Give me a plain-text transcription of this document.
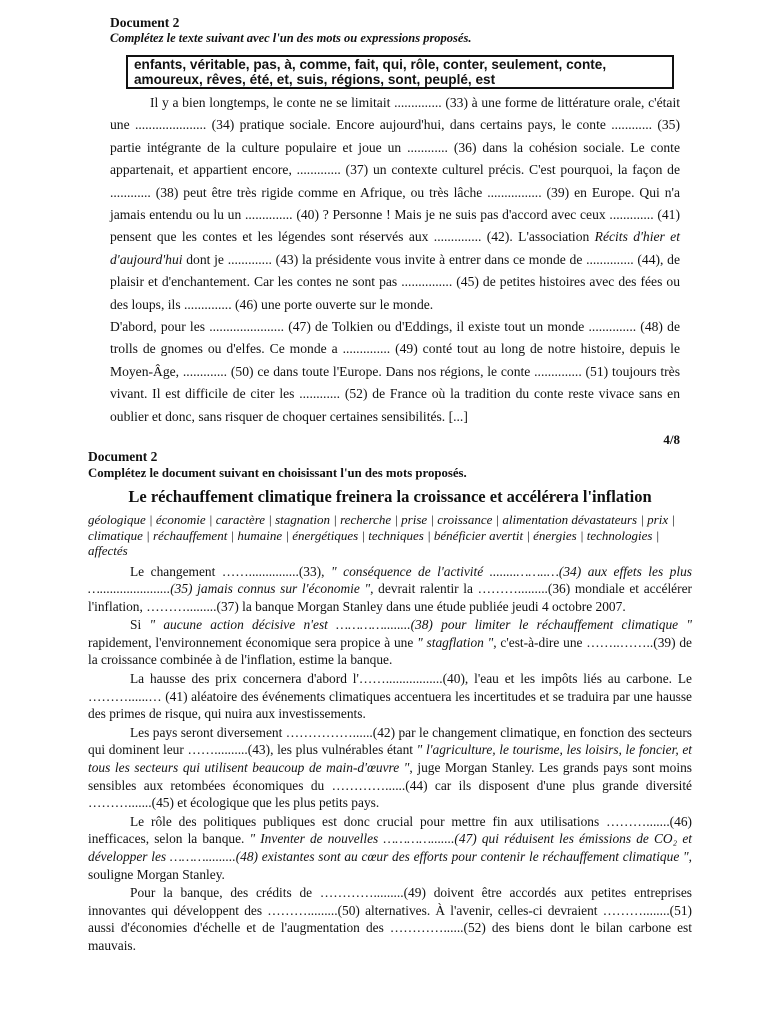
Document 2
Complétez le texte suivant avec l'un des mots ou expressions proposés.
enfants, véritable, pas, à, comme, fait, qui, rôle, conter, seulement, conte,
amoureux, rêves, été, et, suis, régions, sont, peuplé, est

Il y a bien longtemps, le conte ne se limitait .............. (33) à une forme de littérature orale, c'était une ..................... (34) pratique sociale. Encore aujourd'hui, dans certains pays, le conte ............ (35) partie intégrante de la culture populaire et joue un ............ (36) dans la cohésion sociale. Le conte appartenait, et appartient encore, ............. (37) un contexte culturel précis. C'est pourquoi, la façon de ............ (38) peut être très rigide comme en Afrique, ou très lâche ................ (39) en Europe. Qui n'a jamais entendu ou lu un .............. (40) ? Personne ! Mais je ne suis pas d'accord avec ceux ............. (41) pensent que les contes et les légendes sont réservés aux .............. (42). L'association Récits d'hier et d'aujourd'hui dont je ............. (43) la présidente vous invite à entrer dans ce monde de .............. (44), de plaisir et d'enchantement. Car les contes ne sont pas ............... (45) de petites histoires avec des fées ou des loups, ils .............. (46) une porte ouverte sur le monde.

D'abord, pour les ...................... (47) de Tolkien ou d'Eddings, il existe tout un monde .............. (48) de trolls de gnomes ou d'elfes. Ce monde a .............. (49) conté tout au long de notre histoire, depuis le Moyen-Âge, ............. (50) ce dans toute l'Europe. Dans nos régions, le conte .............. (51) toujours très vivant. Il est difficile de citer les ............ (52) de France où la tradition du conte reste vivace sans en oublier et donc, sans risquer de choquer certaines sensibilités. [...]

4/8
Document 2
Complétez le document suivant en choisissant l'un des mots proposés.
Le réchauffement climatique freinera la croissance et accélérera l'inflation
géologique | économie | caractère | stagnation | recherche | prise | croissance | alimentation dévastateurs | prix | climatique | réchauffement | humaine | énergétiques | techniques | bénéficier avertit | énergies | technologies | affectés

Le changement ……...............(33), " conséquence de l'activité ........……..…(34) aux effets les plus ….....................(35) jamais connus sur l'économie ", devrait ralentir la ……….........(36) mondiale et accélérer l'inflation, ……….........(37) la banque Morgan Stanley dans une étude publiée jeudi 4 octobre 2007.

Si " aucune action décisive n'est …………........(38) pour limiter le réchauffement climatique " rapidement, l'environnement économique sera propice à une " stagflation ", c'est-à-dire une ……..……..(39) de la croissance combinée à de l'inflation, estime la banque.

La hausse des prix concernera d'abord l'…….................(40), l'eau et les impôts liés au carbone. Le ………......… (41) aléatoire des événements climatiques accentuera les incertitudes et se traduira par une hausse des primes de risque, qui nuira aux investissements.

Les pays seront diversement ……………......(42) par le changement climatique, en fonction des secteurs qui dominent leur ……..........(43), les plus vulnérables étant " l'agriculture, le tourisme, les loisirs, le foncier, et tous les secteurs qui utilisent beaucoup de main-d'œuvre ", juge Morgan Stanley. Les grands pays sont moins sensibles aux retombées économiques du …………......(44) car ils disposent d'une plus grande diversité ……….......(45) et écologique que les plus petits pays.

Le rôle des politiques publiques est donc crucial pour mettre fin aux utilisations ……….......(46) inefficaces, selon la banque. " Inventer de nouvelles ………….......(47) qui réduisent les émissions de CO₂ et développer les ……….........(48) existantes sont au cœur des efforts pour contenir le réchauffement climatique ", souligne Morgan Stanley.

Pour la banque, des crédits de ………….........(49) doivent être accordés aux petites entreprises innovantes qui développent des ……….........(50) alternatives. À l'avenir, celles-ci devraient ………........(51) aussi d'économies d'échelle et de l'augmentation des …………......(52) des biens dont le bilan carbone est mauvais.
